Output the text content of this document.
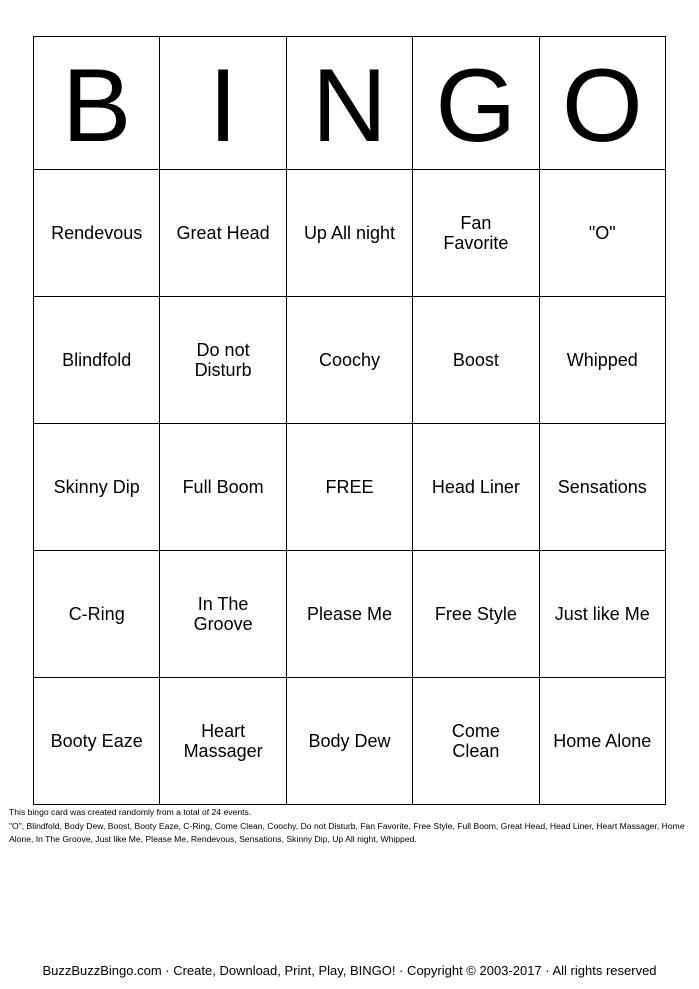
B	I	N	G	O
Rendevous	Great Head	Up All night	Fan Favorite	"O"
Blindfold	Do not Disturb	Coochy	Boost	Whipped
Skinny Dip	Full Boom	FREE	Head Liner	Sensations
C-Ring	In The Groove	Please Me	Free Style	Just like Me
Booty Eaze	Heart Massager	Body Dew	Come Clean	Home Alone
This bingo card was created randomly from a total of 24 events.
"O", Blindfold, Body Dew, Boost, Booty Eaze, C-Ring, Come Clean, Coochy, Do not Disturb, Fan Favorite, Free Style, Full Boom, Great Head, Head Liner, Heart Massager, Home Alone, In The Groove, Just like Me, Please Me, Rendevous, Sensations, Skinny Dip, Up All night, Whipped.
BuzzBuzzBingo.com · Create, Download, Print, Play, BINGO! · Copyright © 2003-2017 · All rights reserved
